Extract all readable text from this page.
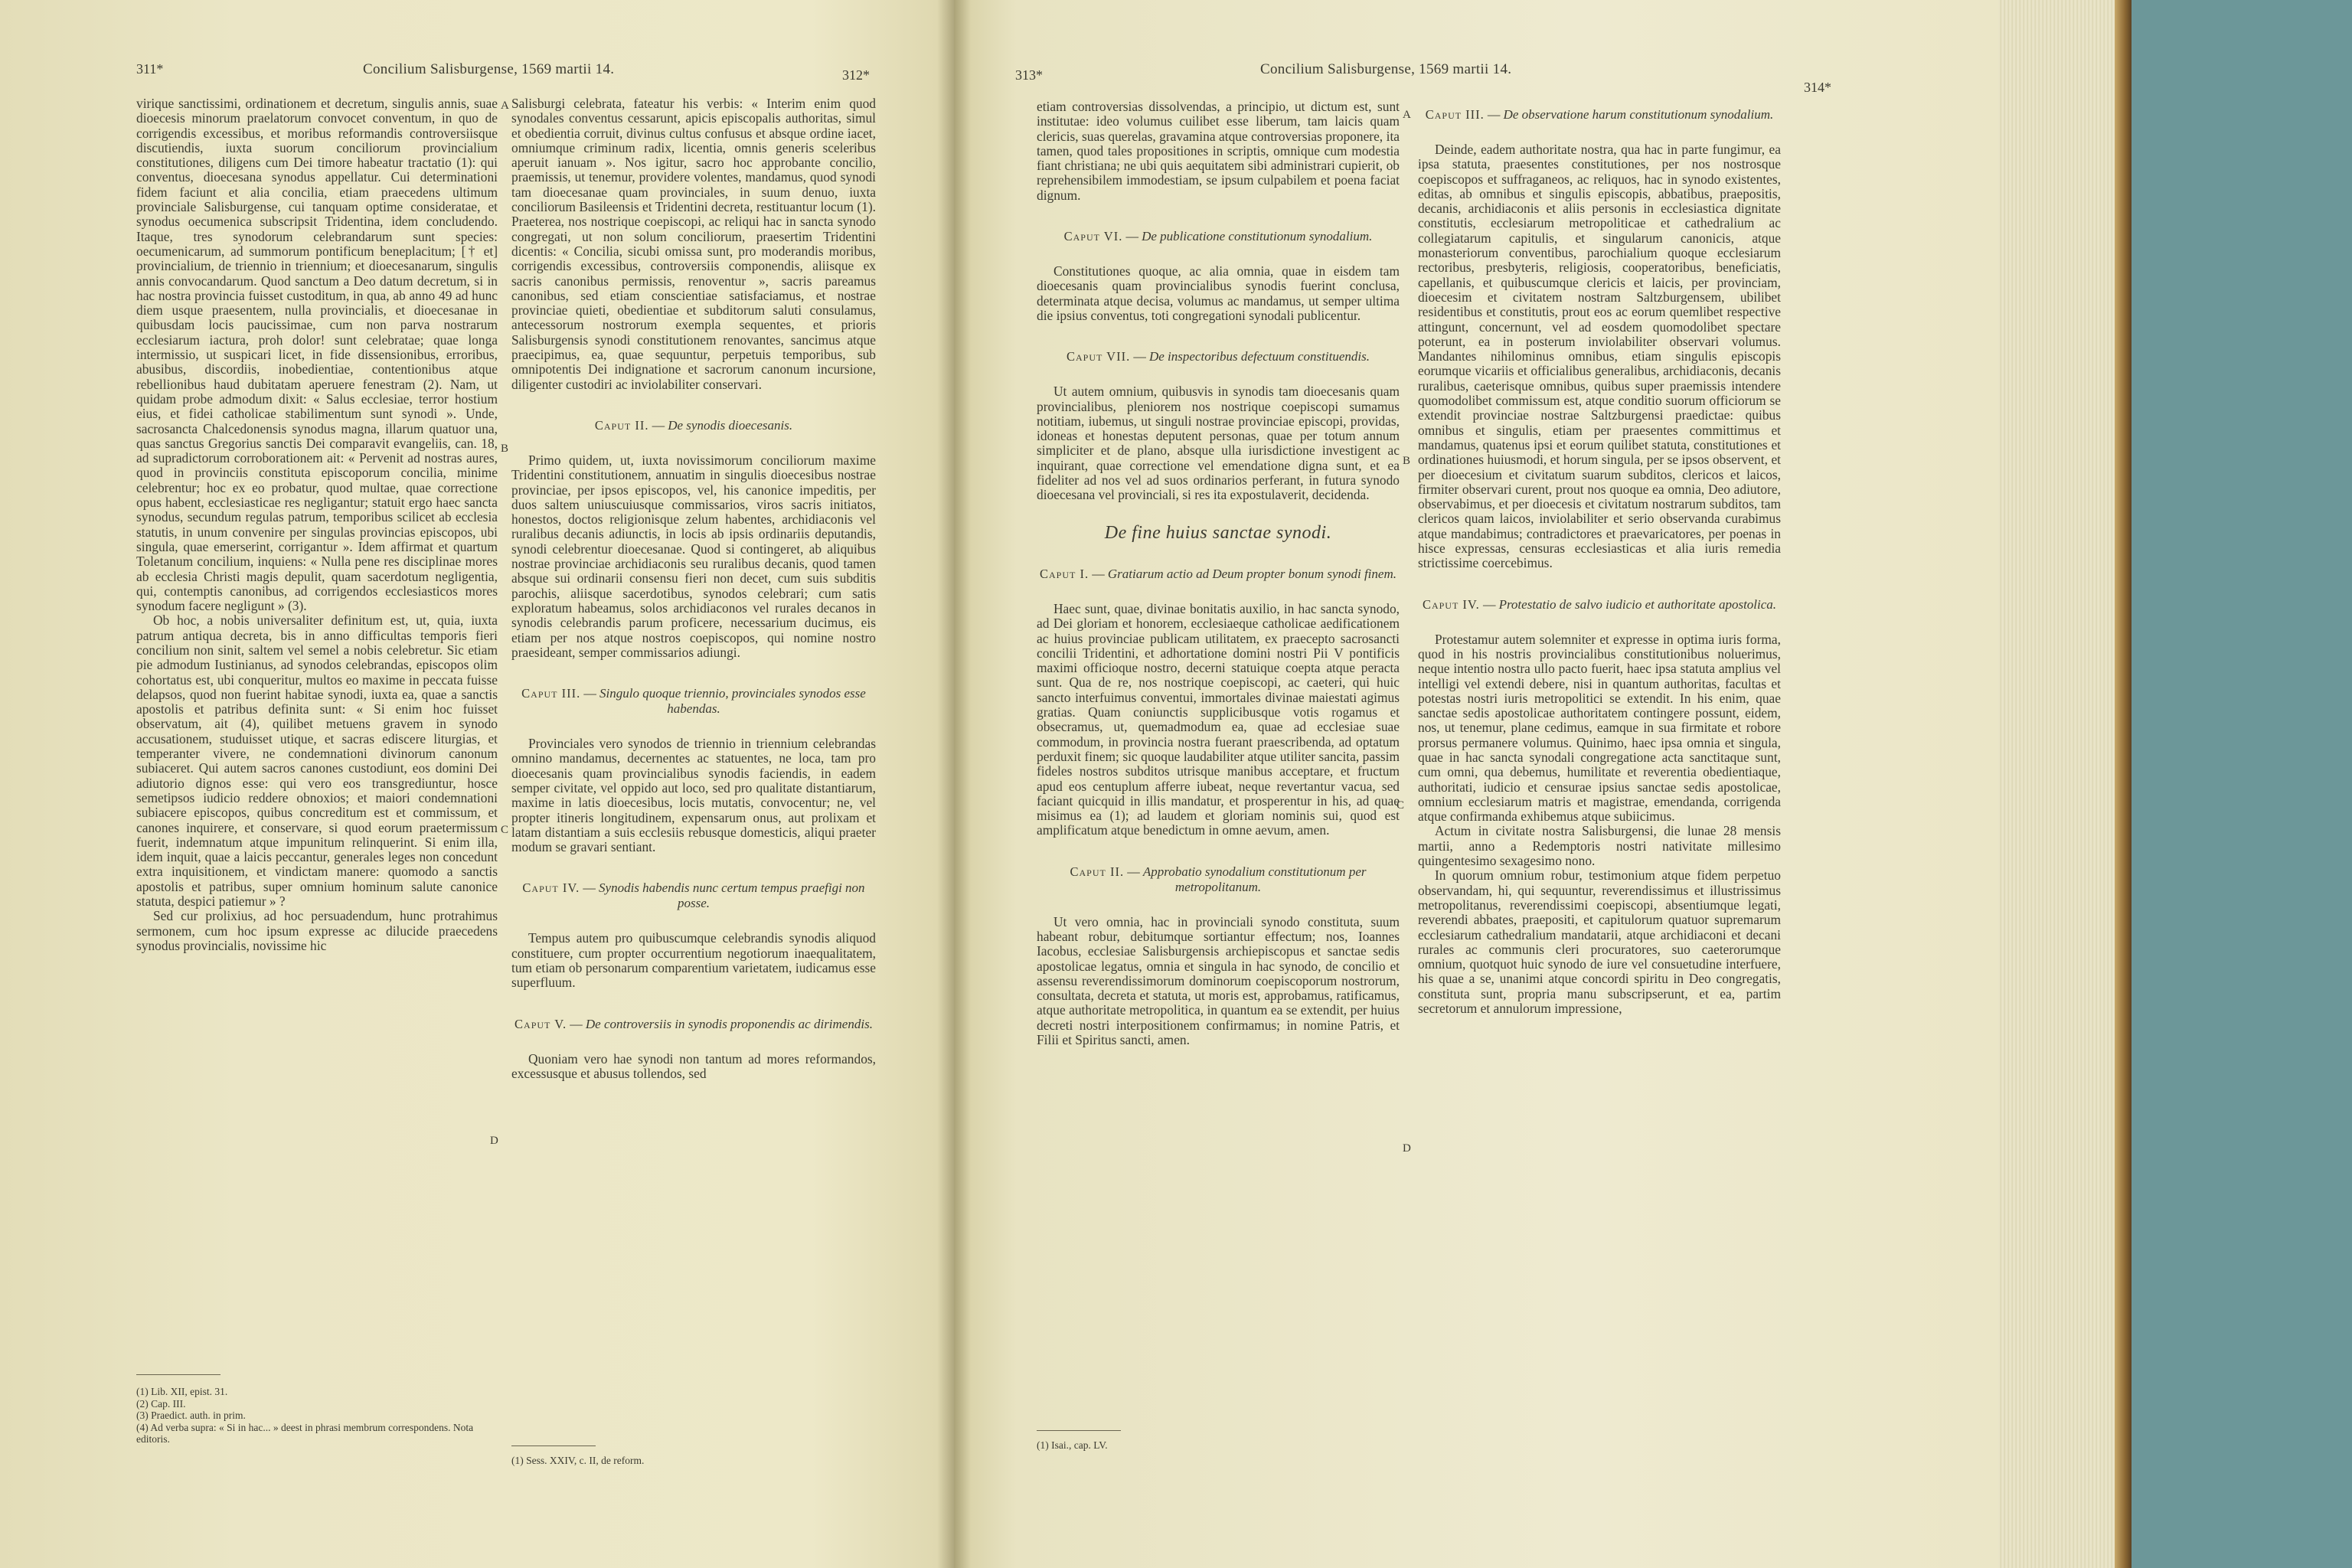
311*	Concilium Salisburgense, 1569 martii 14.	312*

virique sanctissimi, ordinationem et decretum, singulis annis, suae dioecesis minorum praelatorum convocet conventum, in quo de corrigendis excessibus, et moribus reformandis controversiisque discutiendis, iuxta suorum conciliorum provincialium constitutiones, diligens cum Dei timore habeatur tractatio (1): qui conventus, dioecesana synodus appellatur. Cui determinationi fidem faciunt et alia concilia, etiam praecedens ultimum provinciale Salisburgense, cui tanquam optime consideratae, et synodus oecumenica subscripsit Tridentina, idem concludendo. Itaque, tres synodorum celebrandarum sunt species: oecumenicarum, ad summorum pontificum beneplacitum; [† et] provincialium, de triennio in triennium; et dioecesanarum, singulis annis convocandarum. Quod sanctum a Deo datum decretum, si in hac nostra provincia fuisset custoditum, in qua, ab anno 49 ad hunc diem usque praesentem, nulla provincialis, et dioecesanae in quibusdam locis paucissimae, cum non parva nostrarum ecclesiarum iactura, proh dolor! sunt celebratae; quae longa intermissio, ut suspicari licet, in fide dissensionibus, erroribus, abusibus, discordiis, inobedientiae, contentionibus atque rebellionibus haud dubitatam aperuere fenestram (2). Nam, ut quidam probe admodum dixit: « Salus ecclesiae, terror hostium eius, et fidei catholicae stabilimentum sunt synodi ». Unde, sacrosancta Chalcedonensis synodus magna, illarum quatuor una, quas sanctus Gregorius sanctis Dei comparavit evangeliis, can. 18, ad supradictorum corroborationem ait: « Pervenit ad nostras aures, quod in provinciis constituta episcoporum concilia, minime celebrentur; hoc ex eo probatur, quod multae, quae correctione opus habent, ecclesiasticae res negligantur; statuit ergo haec sancta synodus, secundum regulas patrum, temporibus scilicet ab ecclesia statutis, in unum convenire per singulas provincias episcopos, ubi singula, quae emerserint, corrigantur ». Idem affirmat et quartum Toletanum concilium, inquiens: « Nulla pene res disciplinae mores ab ecclesia Christi magis depulit, quam sacerdotum negligentia, qui, contemptis canonibus, ad corrigendos ecclesiasticos mores synodum facere negligunt » (3).

Ob hoc, a nobis universaliter definitum est, ut, quia, iuxta patrum antiqua decreta, bis in anno difficultas temporis fieri concilium non sinit, saltem vel semel a nobis celebretur. Sic etiam pie admodum Iustinianus, ad synodos celebrandas, episcopos olim cohortatus est, ubi conqueritur, multos eo maxime in peccata fuisse delapsos, quod non fuerint habitae synodi, iuxta ea, quae a sanctis apostolis et patribus definita sunt: « Si enim hoc fuisset observatum, ait (4), quilibet metuens gravem in synodo accusationem, studuisset utique, et sacras ediscere liturgias, et temperanter vivere, ne condemnationi divinorum canonum subiaceret. Qui autem sacros canones custodiunt, eos domini Dei adiutorio dignos esse: qui vero eos transgrediuntur, hosce semetipsos iudicio reddere obnoxios; et maiori condemnationi subiacere episcopos, quibus concreditum est et commissum, et canones inquirere, et conservare, si quod eorum praetermissum fuerit, indemnatum atque impunitum relinquerint. Si enim illa, idem inquit, quae a laicis peccantur, generales leges non concedunt extra inquisitionem, et vindictam manere: quomodo a sanctis apostolis et patribus, super omnium hominum salute canonice statuta, despici patiemur » ?

Sed cur prolixius, ad hoc persuadendum, hunc protrahimus sermonem, cum hoc ipsum expresse ac dilucide praecedens synodus provincialis, novissime hic

(1) Lib. XII, epist. 31.
(2) Cap. III.
(3) Praedict. auth. in prim.
(4) Ad verba supra: « Si in hac... » deest in phrasi membrum correspondens. Nota editoris.
A
B
C
D

Salisburgi celebrata, fateatur his verbis: « Interim enim quod synodales conventus cessarunt, apicis episcopalis authoritas, simul et obedientia corruit, divinus cultus confusus et absque ordine iacet, omniumque criminum radix, licentia, omnis generis sceleribus aperuit ianuam ». Nos igitur, sacro hoc approbante concilio, praemissis, ut tenemur, providere volentes, mandamus, quod synodi tam dioecesanae quam provinciales, in suum denuo, iuxta conciliorum Basileensis et Tridentini decreta, restituantur locum (1). Praeterea, nos nostrique coepiscopi, ac reliqui hac in sancta synodo congregati, ut non solum conciliorum, praesertim Tridentini dicentis: « Concilia, sicubi omissa sunt, pro moderandis moribus, corrigendis excessibus, controversiis componendis, aliisque ex sacris canonibus permissis, renoventur », sacris pareamus canonibus, sed etiam conscientiae satisfaciamus, et nostrae provinciae quieti, obedientiae et subditorum saluti consulamus, antecessorum nostrorum exempla sequentes, et prioris Salisburgensis synodi constitutionem renovantes, sancimus atque praecipimus, ea, quae sequuntur, perpetuis temporibus, sub omnipotentis Dei indignatione et sacrorum canonum incursione, diligenter custodiri ac inviolabiliter conservari.

Caput II. — De synodis dioecesanis.

Primo quidem, ut, iuxta novissimorum conciliorum maxime Tridentini constitutionem, annuatim in singulis dioecesibus nostrae provinciae, per ipsos episcopos, vel, his canonice impeditis, per duos saltem uniuscuiusque commissarios, viros sacris initiatos, honestos, doctos religionisque zelum habentes, archidiaconis vel ruralibus decanis adiunctis, in locis ab ipsis ordinariis deputandis, synodi celebrentur dioecesanae. Quod si contingeret, ab aliquibus nostrae provinciae archidiaconis seu ruralibus decanis, quod tamen absque sui ordinarii consensu fieri non decet, cum suis subditis parochis, aliisque sacerdotibus, synodos celebrari; cum satis exploratum habeamus, solos archidiaconos vel rurales decanos in synodis celebrandis parum proficere, necessarium ducimus, eis etiam per nos atque nostros coepiscopos, qui nomine nostro praesideant, semper commissarios adiungi.

Caput III. — Singulo quoque triennio, provinciales synodos esse habendas.

Provinciales vero synodos de triennio in triennium celebrandas omnino mandamus, decernentes ac statuentes, ne loca, tam pro dioecesanis quam provincialibus synodis faciendis, in eadem semper civitate, vel oppido aut loco, sed pro qualitate distantiarum, maxime in latis dioecesibus, locis mutatis, convocentur; ne, vel propter itineris longitudinem, expensarum onus, aut prolixam et latam distantiam a suis ecclesiis rebusque domesticis, aliqui praeter modum se gravari sentiant.

Caput IV. — Synodis habendis nunc certum tempus praefigi non posse.

Tempus autem pro quibuscumque celebrandis synodis aliquod constituere, cum propter occurrentium negotiorum inaequalitatem, tum etiam ob personarum comparentium varietatem, iudicamus esse superfluum.

Caput V. — De controversiis in synodis proponendis ac dirimendis.

Quoniam vero hae synodi non tantum ad mores reformandos, excessusque et abusus tollendos, sed

(1) Sess. XXIV, c. II, de reform.
313*	Concilium Salisburgense, 1569 martii 14.
314*

etiam controversias dissolvendas, a principio, ut dictum est, sunt institutae: ideo volumus cuilibet esse liberum, tam laicis quam clericis, suas querelas, gravamina atque controversias proponere, ita tamen, quod tales propositiones in scriptis, omnique cum modestia fiant christiana; ne ubi quis aequitatem sibi administrari cupierit, ob reprehensibilem immodestiam, se ipsum culpabilem et poena faciat dignum.

Caput VI. — De publicatione constitutionum synodalium.

Constitutiones quoque, ac alia omnia, quae in eisdem tam dioecesanis quam provincialibus synodis fuerint conclusa, determinata atque decisa, volumus ac mandamus, ut semper ultima die ipsius conventus, toti congregationi synodali publicentur.

Caput VII. — De inspectoribus defectuum constituendis.

Ut autem omnium, quibusvis in synodis tam dioecesanis quam provincialibus, pleniorem nos nostrique coepiscopi sumamus notitiam, iubemus, ut singuli nostrae provinciae episcopi, providas, idoneas et honestas deputent personas, quae per totum annum simpliciter et de plano, absque ulla iurisdictione investigent ac inquirant, quae correctione vel emendatione digna sunt, et ea fideliter ad nos vel ad suos ordinarios perferant, in futura synodo dioecesana vel provinciali, si res ita expostulaverit, decidenda.

De fine huius sanctae synodi.
Caput I. — Gratiarum actio ad Deum propter bonum synodi finem.

Haec sunt, quae, divinae bonitatis auxilio, in hac sancta synodo, ad Dei gloriam et honorem, ecclesiaeque catholicae aedificationem ac huius provinciae publicam utilitatem, ex praecepto sacrosancti concilii Tridentini, et adhortatione domini nostri Pii V pontificis maximi officioque nostro, decerni statuique coepta atque peracta sunt. Qua de re, nos nostrique coepiscopi, ac caeteri, qui huic sancto interfuimus conventui, immortales divinae maiestati agimus gratias. Quam coniunctis supplicibusque votis rogamus et obsecramus, ut, quemadmodum ea, quae ad ecclesiae suae commodum, in provincia nostra fuerant praescribenda, ad optatum perduxit finem; sic quoque laudabiliter atque utiliter sancita, passim fideles nostros subditos utrisque manibus acceptare, et fructum apud eos centuplum afferre iubeat, neque revertantur vacua, sed faciant quicquid in illis mandatur, et prosperentur in his, ad quae misimus ea (1); ad laudem et gloriam nominis sui, quod est amplificatum atque benedictum in omne aevum, amen.

Caput II. — Approbatio synodalium constitutionum per metropolitanum.

Ut vero omnia, hac in provinciali synodo constituta, suum habeant robur, debitumque sortiantur effectum; nos, Ioannes Iacobus, ecclesiae Salisburgensis archiepiscopus et sanctae sedis apostolicae legatus, omnia et singula in hac synodo, de concilio et assensu reverendissimorum dominorum coepiscoporum nostrorum, consultata, decreta et statuta, ut moris est, approbamus, ratificamus, atque authoritate metropolitica, in quantum ea se extendit, per huius decreti nostri interpositionem confirmamus; in nomine Patris, et Filii et Spiritus sancti, amen.

(1) Isai., cap. LV.
A
B
C
D
Caput III. — De observatione harum constitutionum synodalium.

Deinde, eadem authoritate nostra, qua hac in parte fungimur, ea ipsa statuta, praesentes constitutiones, per nos nostrosque coepiscopos et suffraganeos, ac reliquos, hac in synodo existentes, editas, ab omnibus et singulis episcopis, abbatibus, praepositis, decanis, archidiaconis et aliis personis in ecclesiastica dignitate constitutis, ecclesiarum metropoliticae et cathedralium ac collegiatarum capitulis, et singularum canonicis, atque monasteriorum conventibus, parochialium quoque ecclesiarum rectoribus, presbyteris, religiosis, cooperatoribus, beneficiatis, capellanis, et quibuscumque clericis et laicis, per provinciam, dioecesim et civitatem nostram Saltzburgensem, ubilibet residentibus et constitutis, prout eos ac eorum quemlibet respective attingunt, concernunt, vel ad eosdem quomodolibet spectare poterunt, ea in posterum inviolabiliter observari volumus. Mandantes nihilominus omnibus, etiam singulis episcopis eorumque vicariis et officialibus generalibus, archidiaconis, decanis ruralibus, caeterisque omnibus, quibus super praemissis intendere quomodolibet commissum est, atque conditio suorum officiorum se extendit provinciae nostrae Saltzburgensi praedictae: quibus omnibus et singulis, etiam per praesentes committimus et mandamus, quatenus ipsi et eorum quilibet statuta, constitutiones et ordinationes huiusmodi, et horum singula, per se ipsos observent, et per dioecesium et civitatum suarum subditos, clericos et laicos, firmiter observari curent, prout nos quoque ea omnia, Deo adiutore, observabimus, et per dioecesis et civitatum nostrarum subditos, tam clericos quam laicos, inviolabiliter et serio observanda curabimus atque mandabimus; contradictores et praevaricatores, per poenas in hisce expressas, censuras ecclesiasticas et alia iuris remedia strictissime coercebimus.

Caput IV. — Protestatio de salvo iudicio et authoritate apostolica.

Protestamur autem solemniter et expresse in optima iuris forma, quod in his nostris provincialibus constitutionibus noluerimus, neque intentio nostra ullo pacto fuerit, haec ipsa statuta amplius vel intelligi vel extendi debere, nisi in quantum authoritas, facultas et potestas nostri iuris metropolitici se extendit. In his enim, quae sanctae sedis apostolicae authoritatem contingere possunt, eidem, nos, ut tenemur, plane cedimus, eamque in sua firmitate et robore prorsus permanere volumus. Quinimo, haec ipsa omnia et singula, quae in hac sancta synodali congregatione acta sanctitaque sunt, cum omni, qua debemus, humilitate et reverentia obedientiaque, authoritati, iudicio et censurae ipsius sanctae sedis apostolicae, omnium ecclesiarum matris et magistrae, emendanda, corrigenda atque confirmanda exhibemus atque subiicimus.

Actum in civitate nostra Salisburgensi, die lunae 28 mensis martii, anno a Redemptoris nostri nativitate millesimo quingentesimo sexagesimo nono.

In quorum omnium robur, testimonium atque fidem perpetuo observandam, hi, qui sequuntur, reverendissimus et illustrissimus metropolitanus, reverendissimi coepiscopi, absentiumque legati, reverendi abbates, praepositi, et capitulorum quatuor supremarum ecclesiarum cathedralium mandatarii, atque archidiaconi et decani rurales ac communis cleri procuratores, suo caeterorumque omnium, quotquot huic synodo de iure vel consuetudine interfuere, his quae a se, unanimi atque concordi spiritu in Deo congregatis, constituta sunt, propria manu subscripserunt, et ea, partim secretorum et annulorum impressione,
